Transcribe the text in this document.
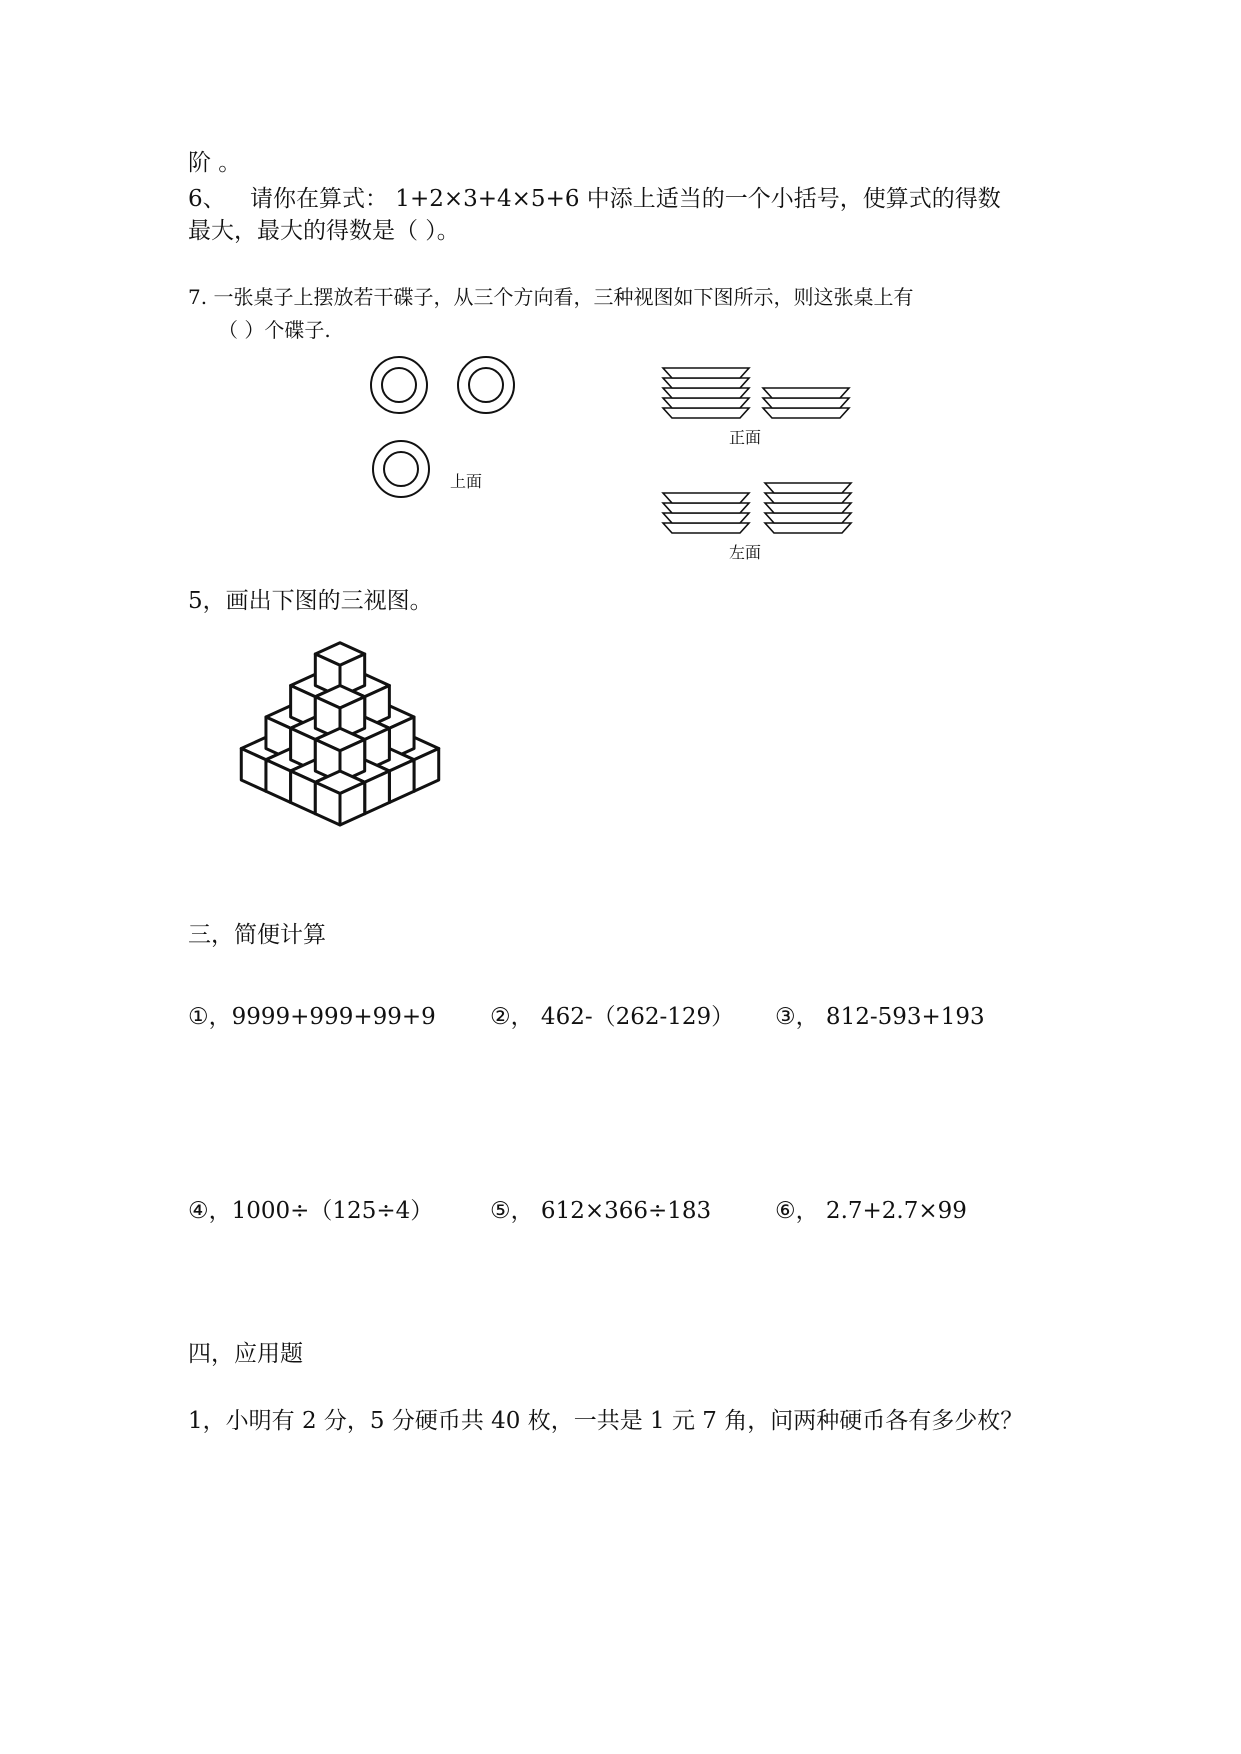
阶 。
6、 请你在算式： 1+2×3+4×5+6 中添上适当的一个小括号，使算式的得数
最大，最大的得数是（ ）。
7. 一张桌子上摆放若干碟子，从三个方向看，三种视图如下图所示，则这张桌上有
（ ）个碟子.
上面
正面
左面
5，画出下图的三视图。
三，简便计算
①，9999+999+99+9 ②， 462-（262-129） ③， 812-593+193
④，1000÷（125÷4） ⑤， 612×366÷183	⑥， 2.7+2.7×99
四，应用题
1，小明有 2 分，5 分硬币共 40 枚，一共是 1 元 7 角，问两种硬币各有多少枚？
